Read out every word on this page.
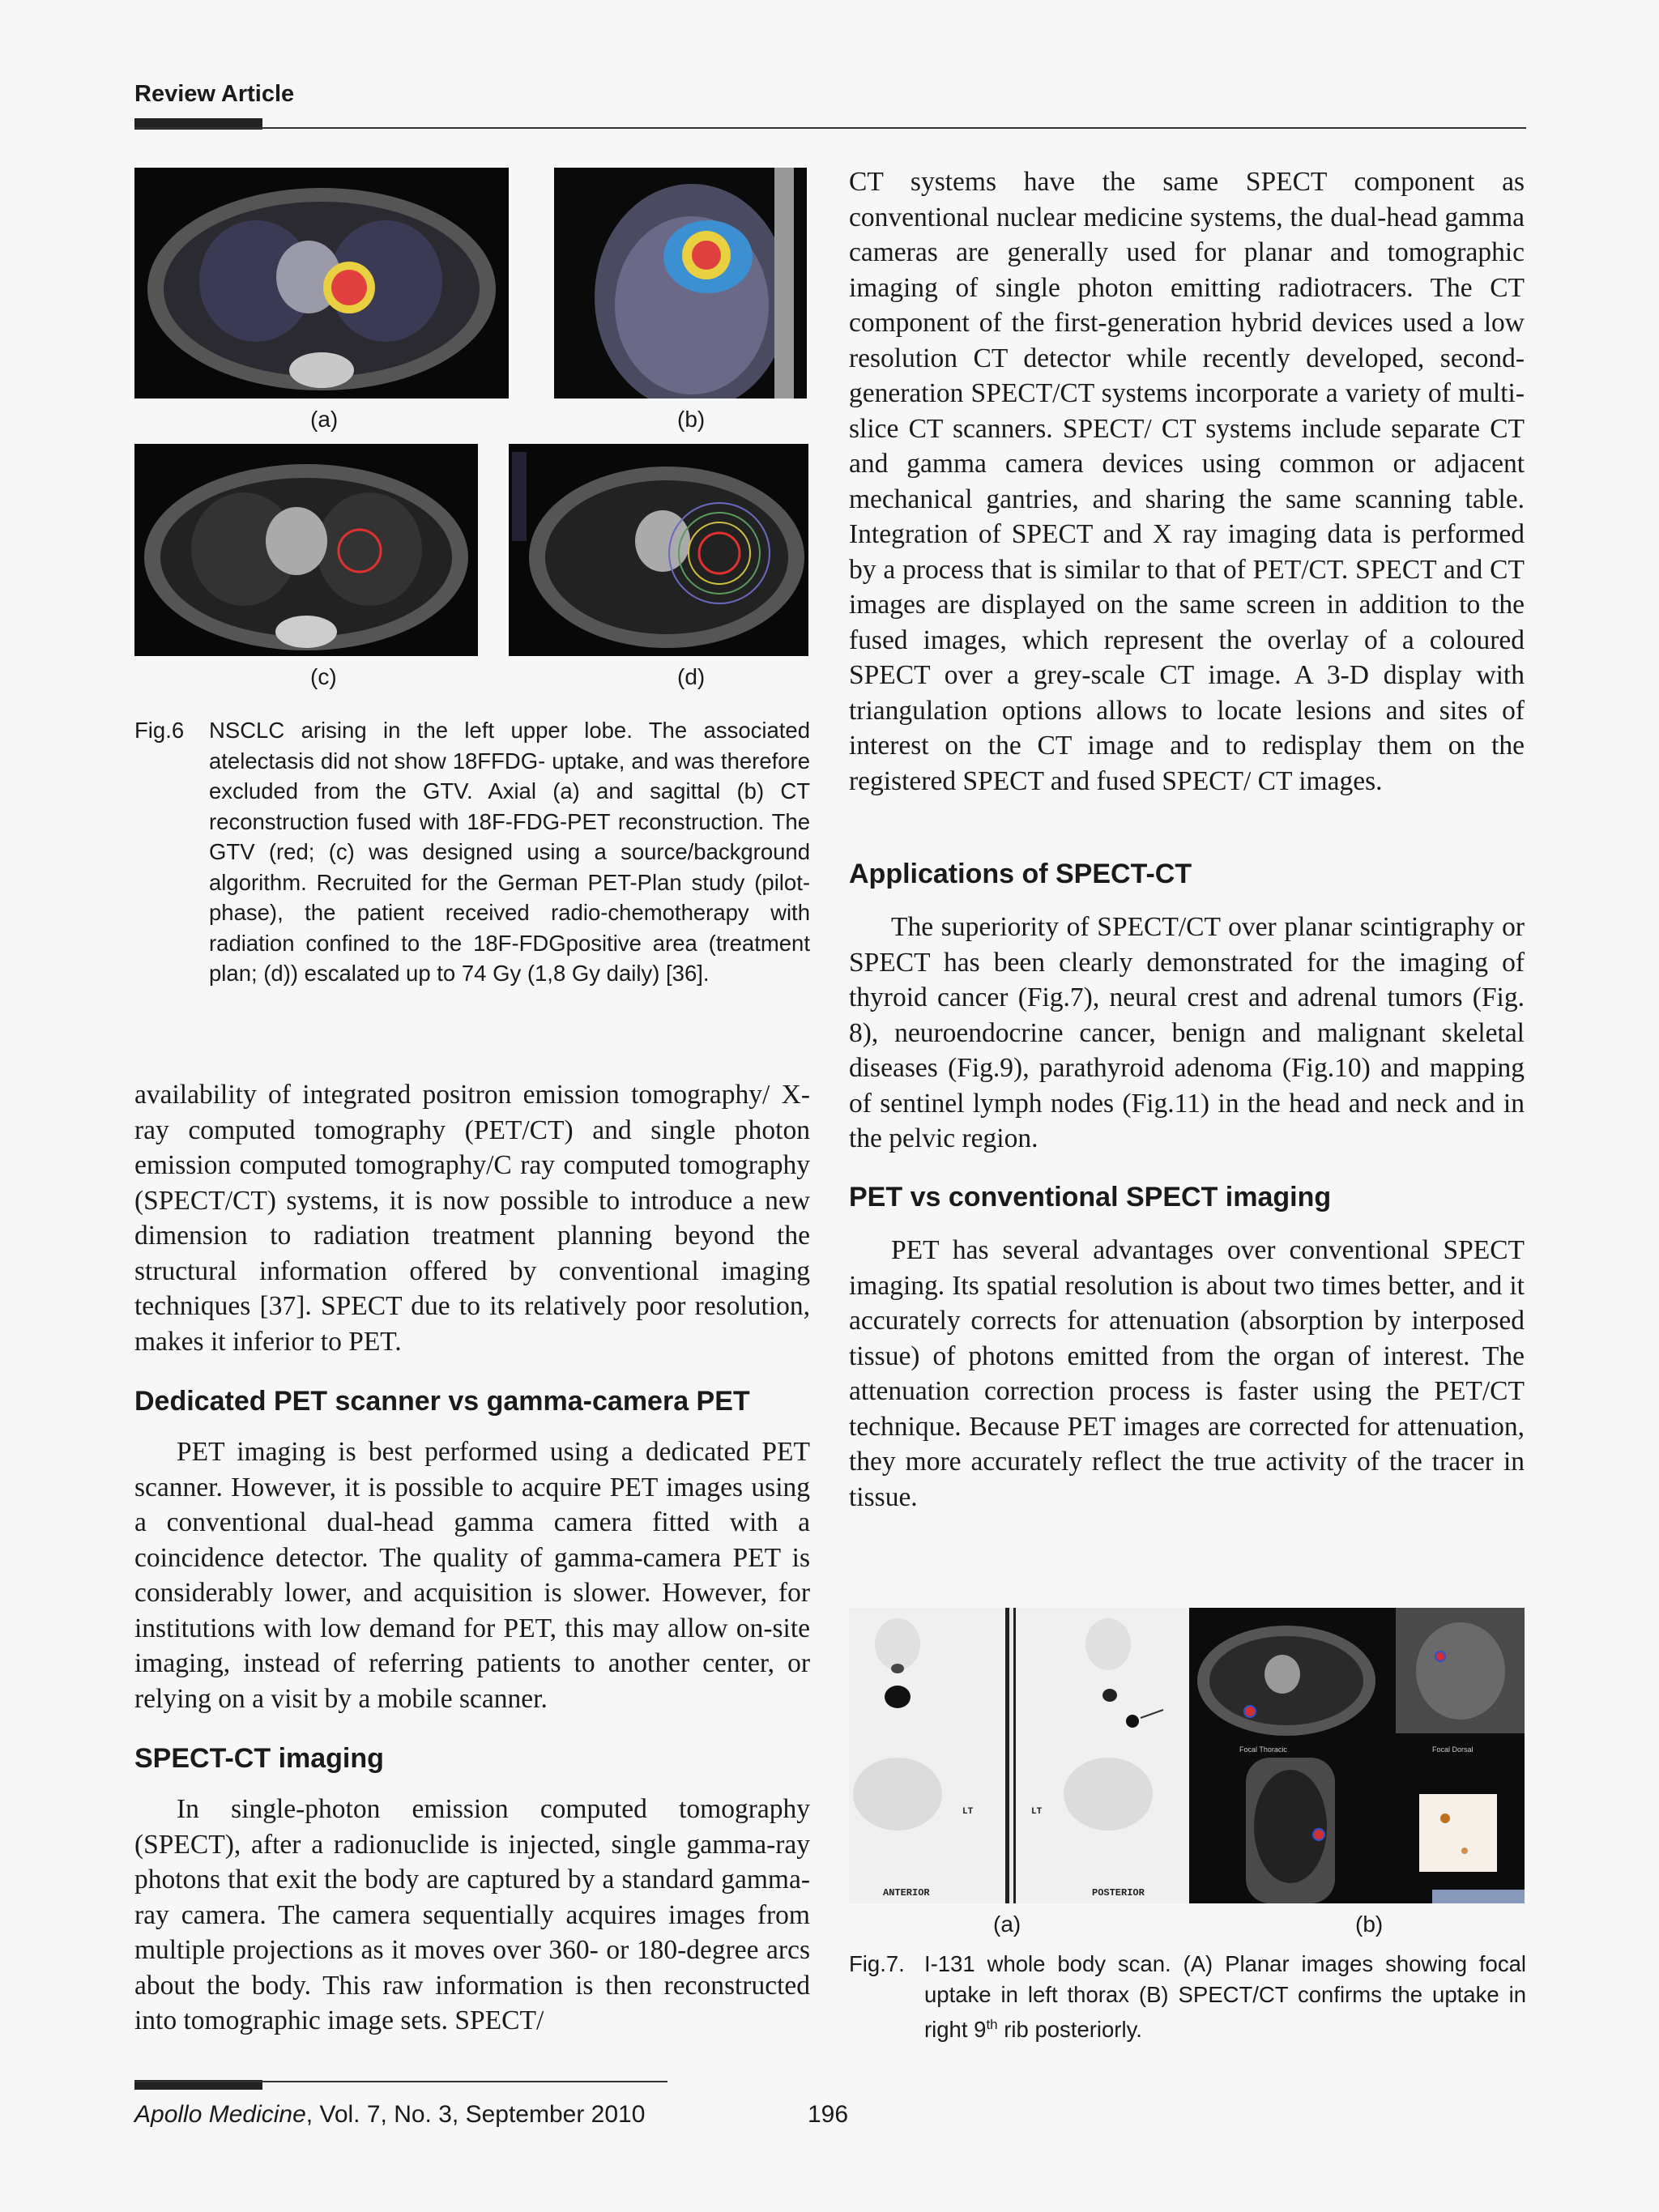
Review Article
(a)	(b)
(c)	(d)
Fig.6 NSCLC arising in the left upper lobe. The associated atelectasis did not show 18FFDG- uptake, and was therefore excluded from the GTV. Axial (a) and sagittal (b) CT reconstruction fused with 18F-FDG-PET reconstruction. The GTV (red; (c) was designed using a source/background algorithm. Recruited for the German PET-Plan study (pilot-phase), the patient received radio-chemotherapy with radiation confined to the 18F-FDGpositive area (treatment plan; (d)) escalated up to 74 Gy (1,8 Gy daily) [36].

availability of integrated positron emission tomography/ X-ray computed tomography (PET/CT) and single photon emission computed tomography/C ray computed tomography (SPECT/CT) systems, it is now possible to introduce a new dimension to radiation treatment planning beyond the structural information offered by conventional imaging techniques [37]. SPECT due to its relatively poor resolution, makes it inferior to PET.

Dedicated PET scanner vs gamma-camera PET

PET imaging is best performed using a dedicated PET scanner. However, it is possible to acquire PET images using a conventional dual-head gamma camera fitted with a coincidence detector. The quality of gamma-camera PET is considerably lower, and acquisition is slower. However, for institutions with low demand for PET, this may allow on-site imaging, instead of referring patients to another center, or relying on a visit by a mobile scanner.

SPECT-CT imaging

In single-photon emission computed tomography (SPECT), after a radionuclide is injected, single gamma-ray photons that exit the body are captured by a standard gamma-ray camera. The camera sequentially acquires images from multiple projections as it moves over 360- or 180-degree arcs about the body. This raw information is then reconstructed into tomographic image sets. SPECT/

CT systems have the same SPECT component as conventional nuclear medicine systems, the dual-head gamma cameras are generally used for planar and tomographic imaging of single photon emitting radiotracers. The CT component of the first-generation hybrid devices used a low resolution CT detector while recently developed, second-generation SPECT/CT systems incorporate a variety of multi-slice CT scanners. SPECT/ CT systems include separate CT and gamma camera devices using common or adjacent mechanical gantries, and sharing the same scanning table. Integration of SPECT and X ray imaging data is performed by a process that is similar to that of PET/CT. SPECT and CT images are displayed on the same screen in addition to the fused images, which represent the overlay of a coloured SPECT over a grey-scale CT image. A 3-D display with triangulation options allows to locate lesions and sites of interest on the CT image and to redisplay them on the registered SPECT and fused SPECT/ CT images.

Applications of SPECT-CT

The superiority of SPECT/CT over planar scintigraphy or SPECT has been clearly demonstrated for the imaging of thyroid cancer (Fig.7), neural crest and adrenal tumors (Fig. 8), neuroendocrine cancer, benign and malignant skeletal diseases (Fig.9), parathyroid adenoma (Fig.10) and mapping of sentinel lymph nodes (Fig.11) in the head and neck and in the pelvic region.

PET vs conventional SPECT imaging

PET has several advantages over conventional SPECT imaging. Its spatial resolution is about two times better, and it accurately corrects for attenuation (absorption by interposed tissue) of photons emitted from the organ of interest. The attenuation correction process is faster using the PET/CT technique. Because PET images are corrected for attenuation, they more accurately reflect the true activity of the tracer in tissue.

LT	LT
ANTERIOR	POSTERIOR
Focal Thoracic	Focal Dorsal
(a)	(b)
Fig.7. I-131 whole body scan. (A) Planar images showing focal uptake in left thorax (B) SPECT/CT confirms the uptake in right 9th rib posteriorly.
Apollo Medicine, Vol. 7, No. 3, September 2010	196
